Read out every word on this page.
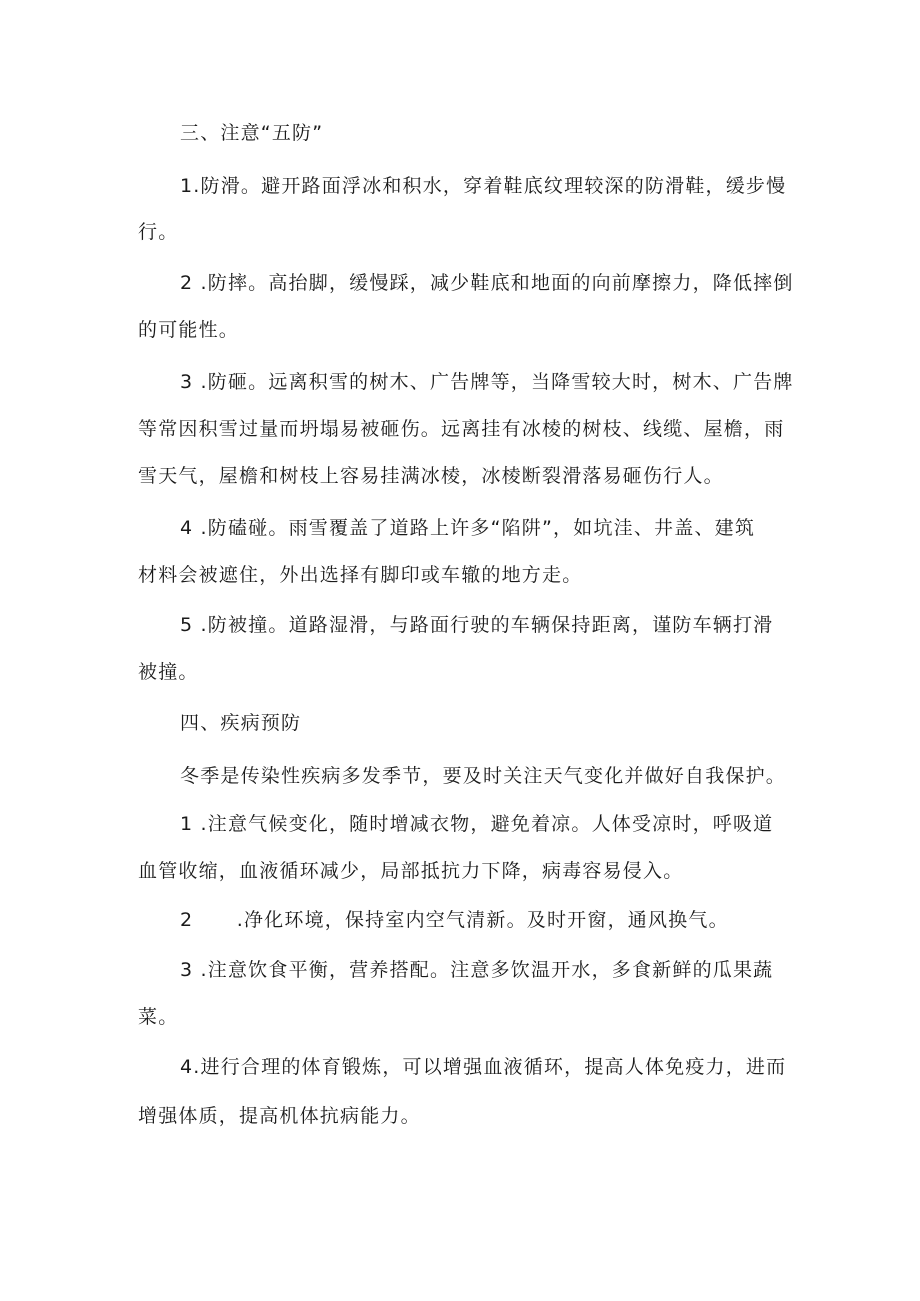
三、注意“五防”
1.防滑。避开路面浮冰和积水，穿着鞋底纹理较深的防滑鞋，缓步慢
行。
2 .防摔。高抬脚，缓慢踩，减少鞋底和地面的向前摩擦力，降低摔倒
的可能性。
3 .防砸。远离积雪的树木、广告牌等，当降雪较大时，树木、广告牌
等常因积雪过量而坍塌易被砸伤。远离挂有冰棱的树枝、线缆、屋檐，雨
雪天气，屋檐和树枝上容易挂满冰棱，冰棱断裂滑落易砸伤行人。
4 .防磕碰。雨雪覆盖了道路上许多“陷阱”，如坑洼、井盖、建筑
材料会被遮住，外出选择有脚印或车辙的地方走。
5 .防被撞。道路湿滑，与路面行驶的车辆保持距离，谨防车辆打滑
被撞。
四、疾病预防
冬季是传染性疾病多发季节，要及时关注天气变化并做好自我保护。
1 .注意气候变化，随时增减衣物，避免着凉。人体受凉时，呼吸道
血管收缩，血液循环减少，局部抵抗力下降，病毒容易侵入。
2      .净化环境，保持室内空气清新。及时开窗，通风换气。
3 .注意饮食平衡，营养搭配。注意多饮温开水，多食新鲜的瓜果蔬
菜。
4.进行合理的体育锻炼，可以增强血液循环，提高人体免疫力，进而
增强体质，提高机体抗病能力。
